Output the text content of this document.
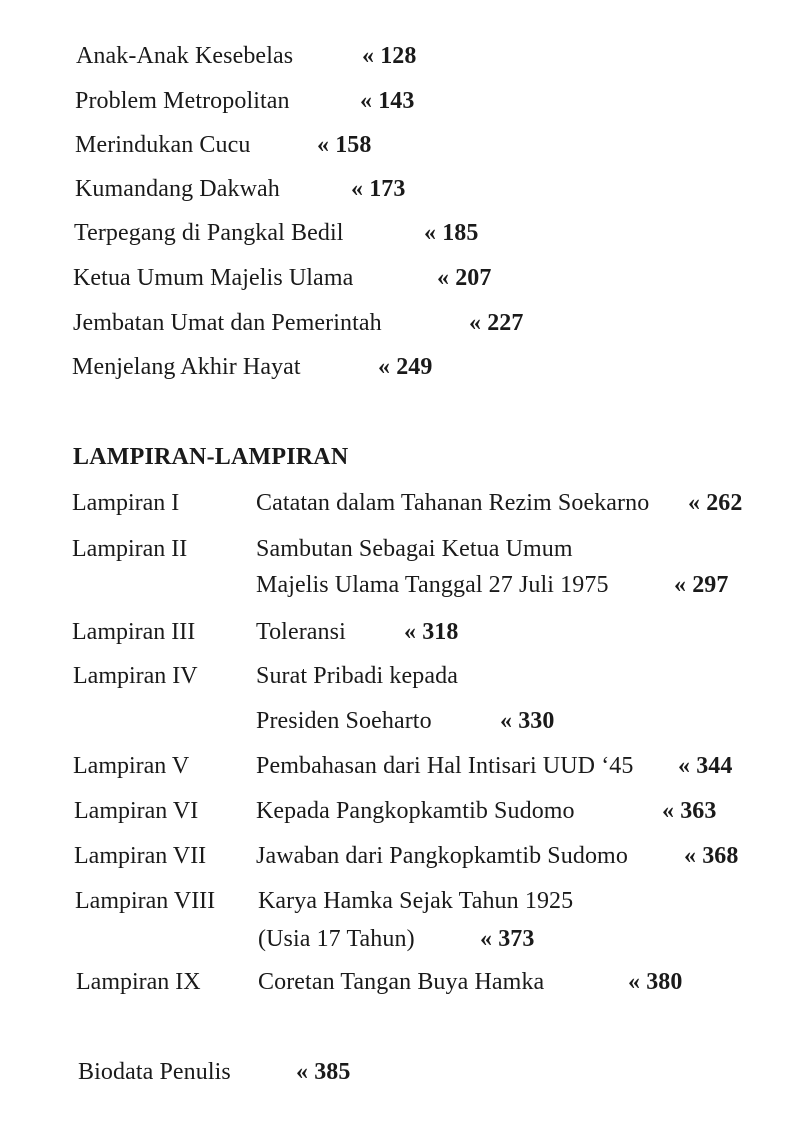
Anak-Anak Kesebelas	« 128
Problem Metropolitan	« 143
Merindukan Cucu	« 158
Kumandang Dakwah	« 173
Terpegang di Pangkal Bedil	« 185
Ketua Umum Majelis Ulama	« 207
Jembatan Umat dan Pemerintah	« 227
Menjelang Akhir Hayat	« 249
LAMPIRAN-LAMPIRAN
Lampiran I	Catatan dalam Tahanan Rezim Soekarno « 262
Lampiran II	Sambutan Sebagai Ketua Umum
Majelis Ulama Tanggal 27 Juli 1975	« 297
Lampiran III	Toleransi « 318
Lampiran IV Surat Pribadi kepada
Presiden Soeharto	« 330
Lampiran V	Pembahasan dari Hal Intisari UUD ‘45 « 344
Lampiran VI Kepada Pangkopkamtib Sudomo	« 363
Lampiran VII Jawaban dari Pangkopkamtib Sudomo « 368
Lampiran VIII Karya Hamka Sejak Tahun 1925
(Usia 17 Tahun)	« 373
Lampiran IX Coretan Tangan Buya Hamka	« 380
Biodata Penulis	« 385
